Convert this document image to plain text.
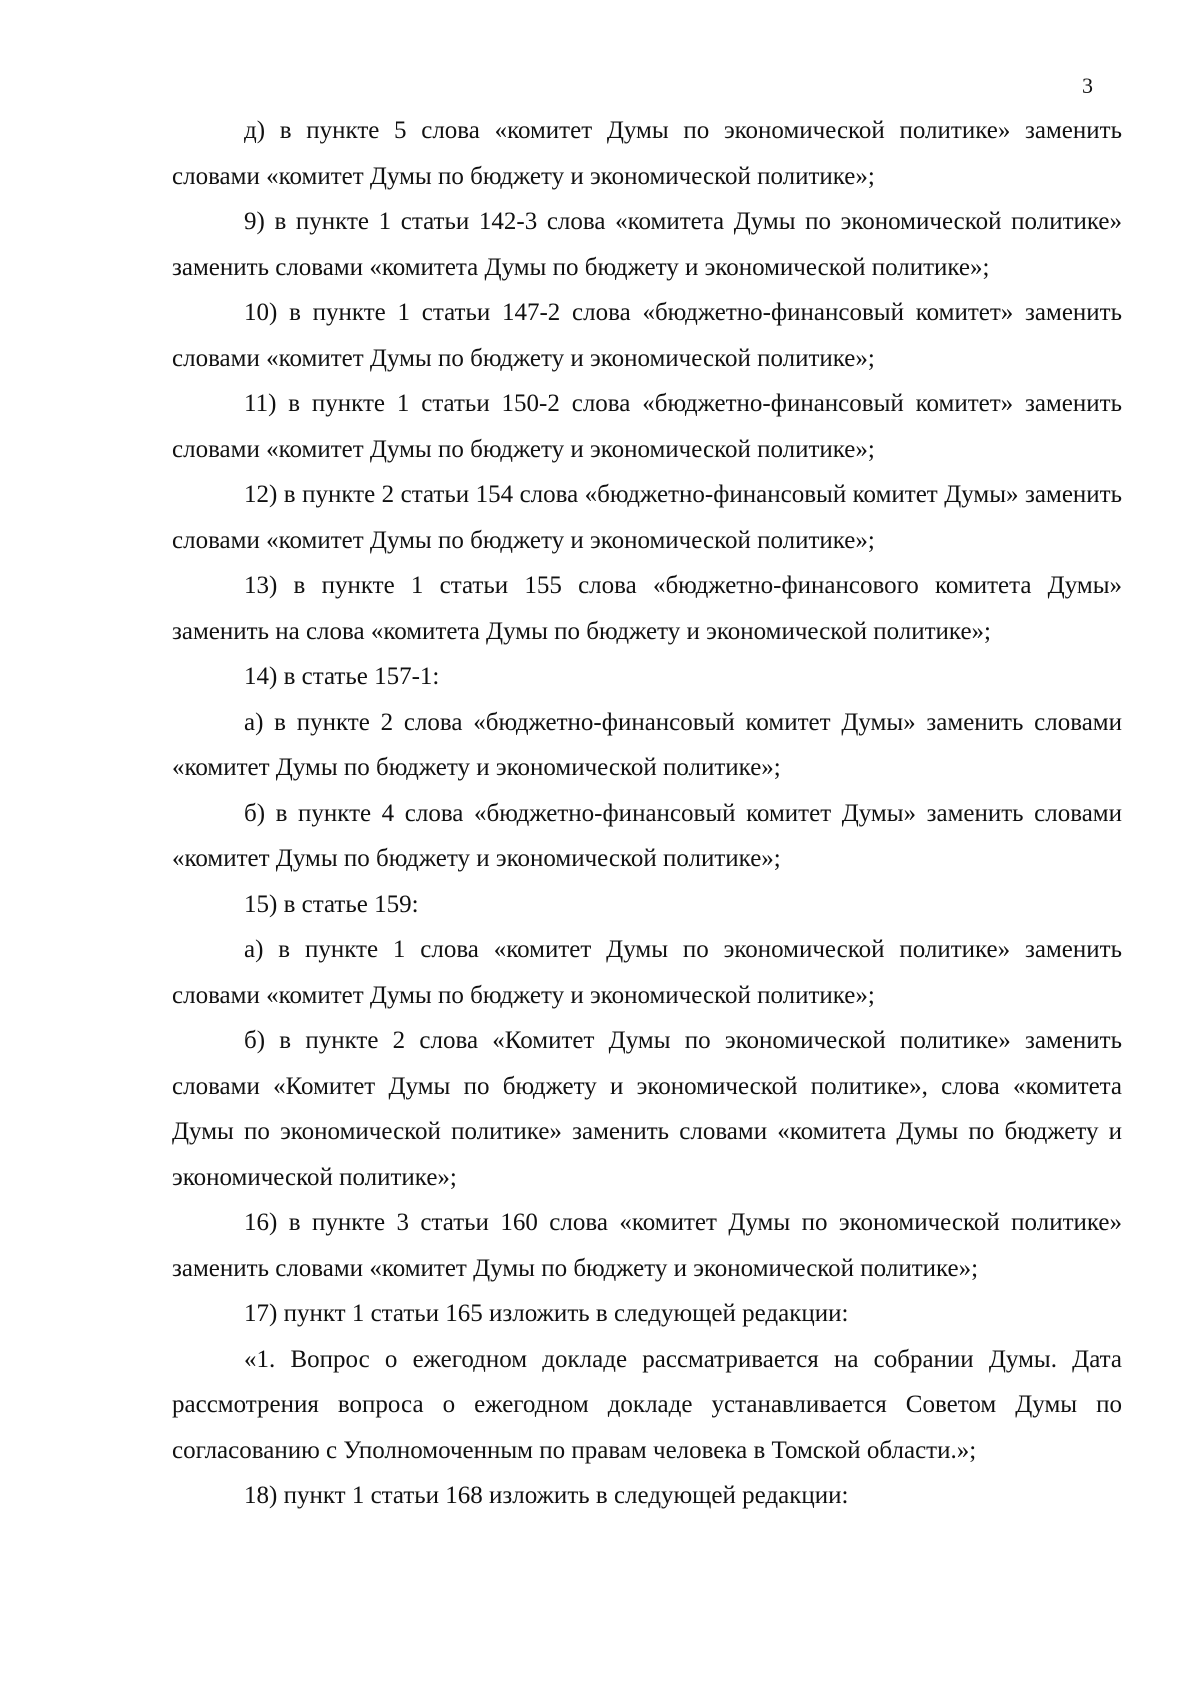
3

д) в пункте 5 слова «комитет Думы по экономической политике» заменить словами «комитет Думы по бюджету и экономической политике»;

9) в пункте 1 статьи 142-3 слова «комитета Думы по экономической политике» заменить словами «комитета Думы по бюджету и экономической политике»;

10) в пункте 1 статьи 147-2 слова «бюджетно-финансовый комитет» заменить словами «комитет Думы по бюджету и экономической политике»;

11) в пункте 1 статьи 150-2 слова «бюджетно-финансовый комитет» заменить словами «комитет Думы по бюджету и экономической политике»;

12) в пункте 2 статьи 154 слова «бюджетно-финансовый комитет Думы» заменить словами «комитет Думы по бюджету и экономической политике»;

13) в пункте 1 статьи 155 слова «бюджетно-финансового комитета Думы» заменить на слова «комитета Думы по бюджету и экономической политике»;

14) в статье 157-1:

а) в пункте 2 слова «бюджетно-финансовый комитет Думы» заменить словами «комитет Думы по бюджету и экономической политике»;

б) в пункте 4 слова «бюджетно-финансовый комитет Думы» заменить словами «комитет Думы по бюджету и экономической политике»;

15) в статье 159:

а) в пункте 1 слова «комитет Думы по экономической политике» заменить словами «комитет Думы по бюджету и экономической политике»;

б) в пункте 2 слова «Комитет Думы по экономической политике» заменить словами «Комитет Думы по бюджету и экономической политике», слова «комитета Думы по экономической политике» заменить словами «комитета Думы по бюджету и экономической политике»;

16) в пункте 3 статьи 160 слова «комитет Думы по экономической политике» заменить словами «комитет Думы по бюджету и экономической политике»;

17) пункт 1 статьи 165 изложить в следующей редакции:

«1. Вопрос о ежегодном докладе рассматривается на собрании Думы. Дата рассмотрения вопроса о ежегодном докладе устанавливается Советом Думы по согласованию с Уполномоченным по правам человека в Томской области.»;

18) пункт 1 статьи 168 изложить в следующей редакции:
